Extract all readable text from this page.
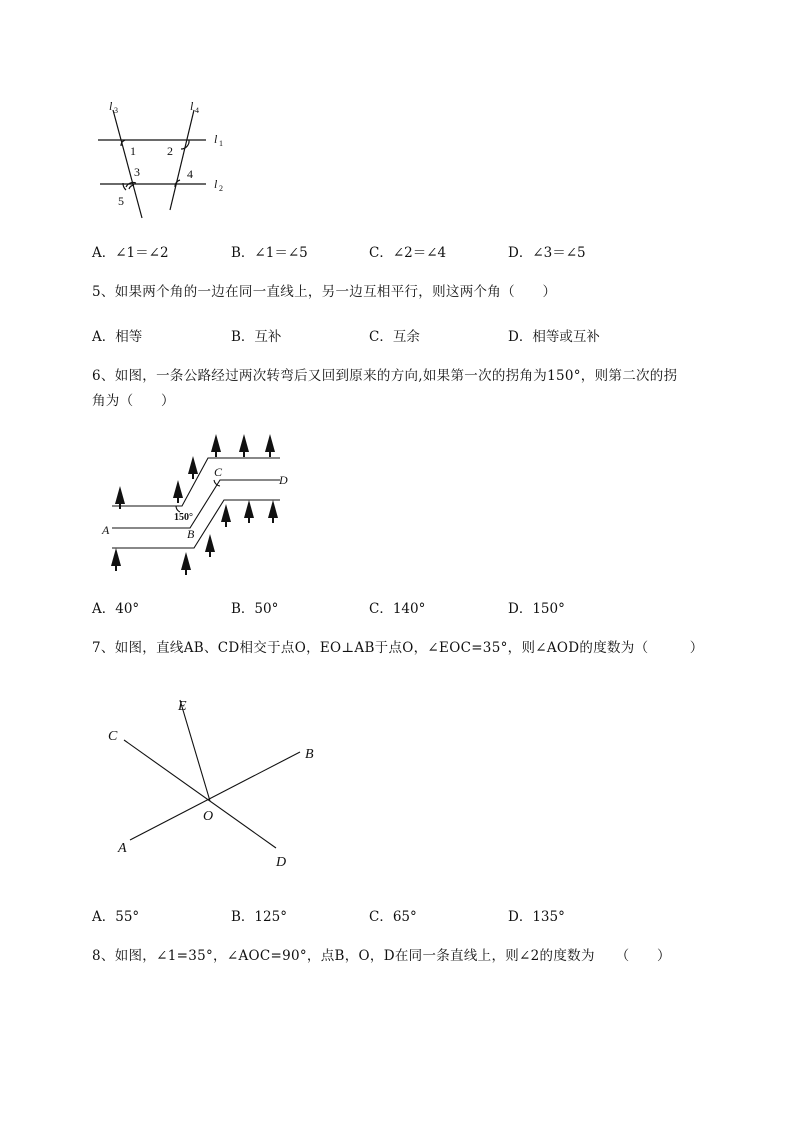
l 3	l 4
l 1
l 2
1	2
3	4
5
A．∠1＝∠2	B．∠1＝∠5	C．∠2＝∠4	D．∠3＝∠5
5、如果两个角的一边在同一直线上，另一边互相平行，则这两个角（　　）
A．相等	B．互补	C．互余	D．相等或互补
6、如图，一条公路经过两次转弯后又回到原来的方向,如果第一次的拐角为150°，则第二次的拐
角为（　　）
A	B
C
D
150°
A．40°	B．50°	C．140°	D．150°
7、如图，直线AB、CD相交于点O，EO⊥AB于点O，∠EOC=35°，则∠AOD的度数为（　　　）
E
C
B
O
A
D
A．55°	B．125°	C．65°	D．135°
8、如图，∠1=35°，∠AOC=90°，点B，O，D在同一条直线上，则∠2的度数为　　（　　）
